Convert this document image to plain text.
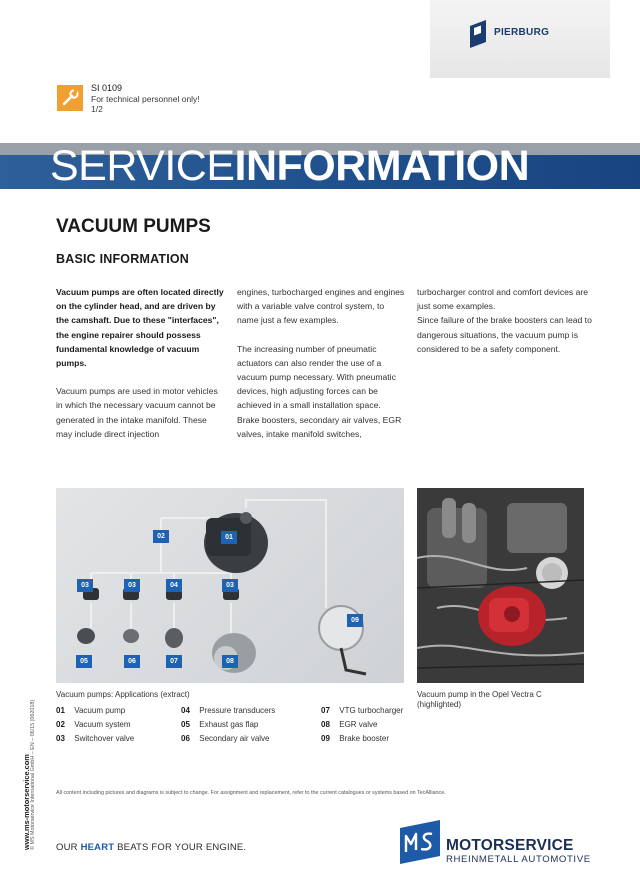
PIERBURG
SI 0109
For technical personnel only!
1/2
SERVICEINFORMATION
VACUUM PUMPS
BASIC INFORMATION

Vacuum pumps are often located directly on the cylinder head, and are driven by the camshaft. Due to these "interfaces", the engine repairer should possess fundamental knowledge of vacuum pumps.

Vacuum pumps are used in motor vehicles in which the necessary vacuum cannot be generated in the intake manifold. These may include direct injection

engines, turbocharged engines and engines with a variable valve control system, to name just a few examples.

The increasing number of pneumatic actuators can also render the use of a vacuum pump necessary. With pneumatic devices, high adjusting forces can be achieved in a small installation space. Brake boosters, secondary air valves, EGR valves, intake manifold switches,

turbocharger control and comfort devices are just some examples.

Since failure of the brake boosters can lead to dangerous situations, the vacuum pump is considered to be a safety component.

01
02
03	03	04	03
05	06	07	08
09
Vacuum pumps: Applications (extract)	Vacuum pump in the Opel Vectra C (highlighted)
01 Vacuum pump
02 Vacuum system
03 Switchover valve
04 Pressure transducers
05 Exhaust gas flap
06 Secondary air valve
07 VTG turbocharger
08 EGR valve
09 Brake booster
All content including pictures and diagrams is subject to change. For assignment and replacement, refer to the current catalogues or systems based on TecAlliance.
www.ms-motorservice.com © MS Motorservice International GmbH – EN – 06/15 (062018) OUR HEART BEATS FOR YOUR ENGINE.	MOTORSERVICE
RHEINMETALL AUTOMOTIVE
